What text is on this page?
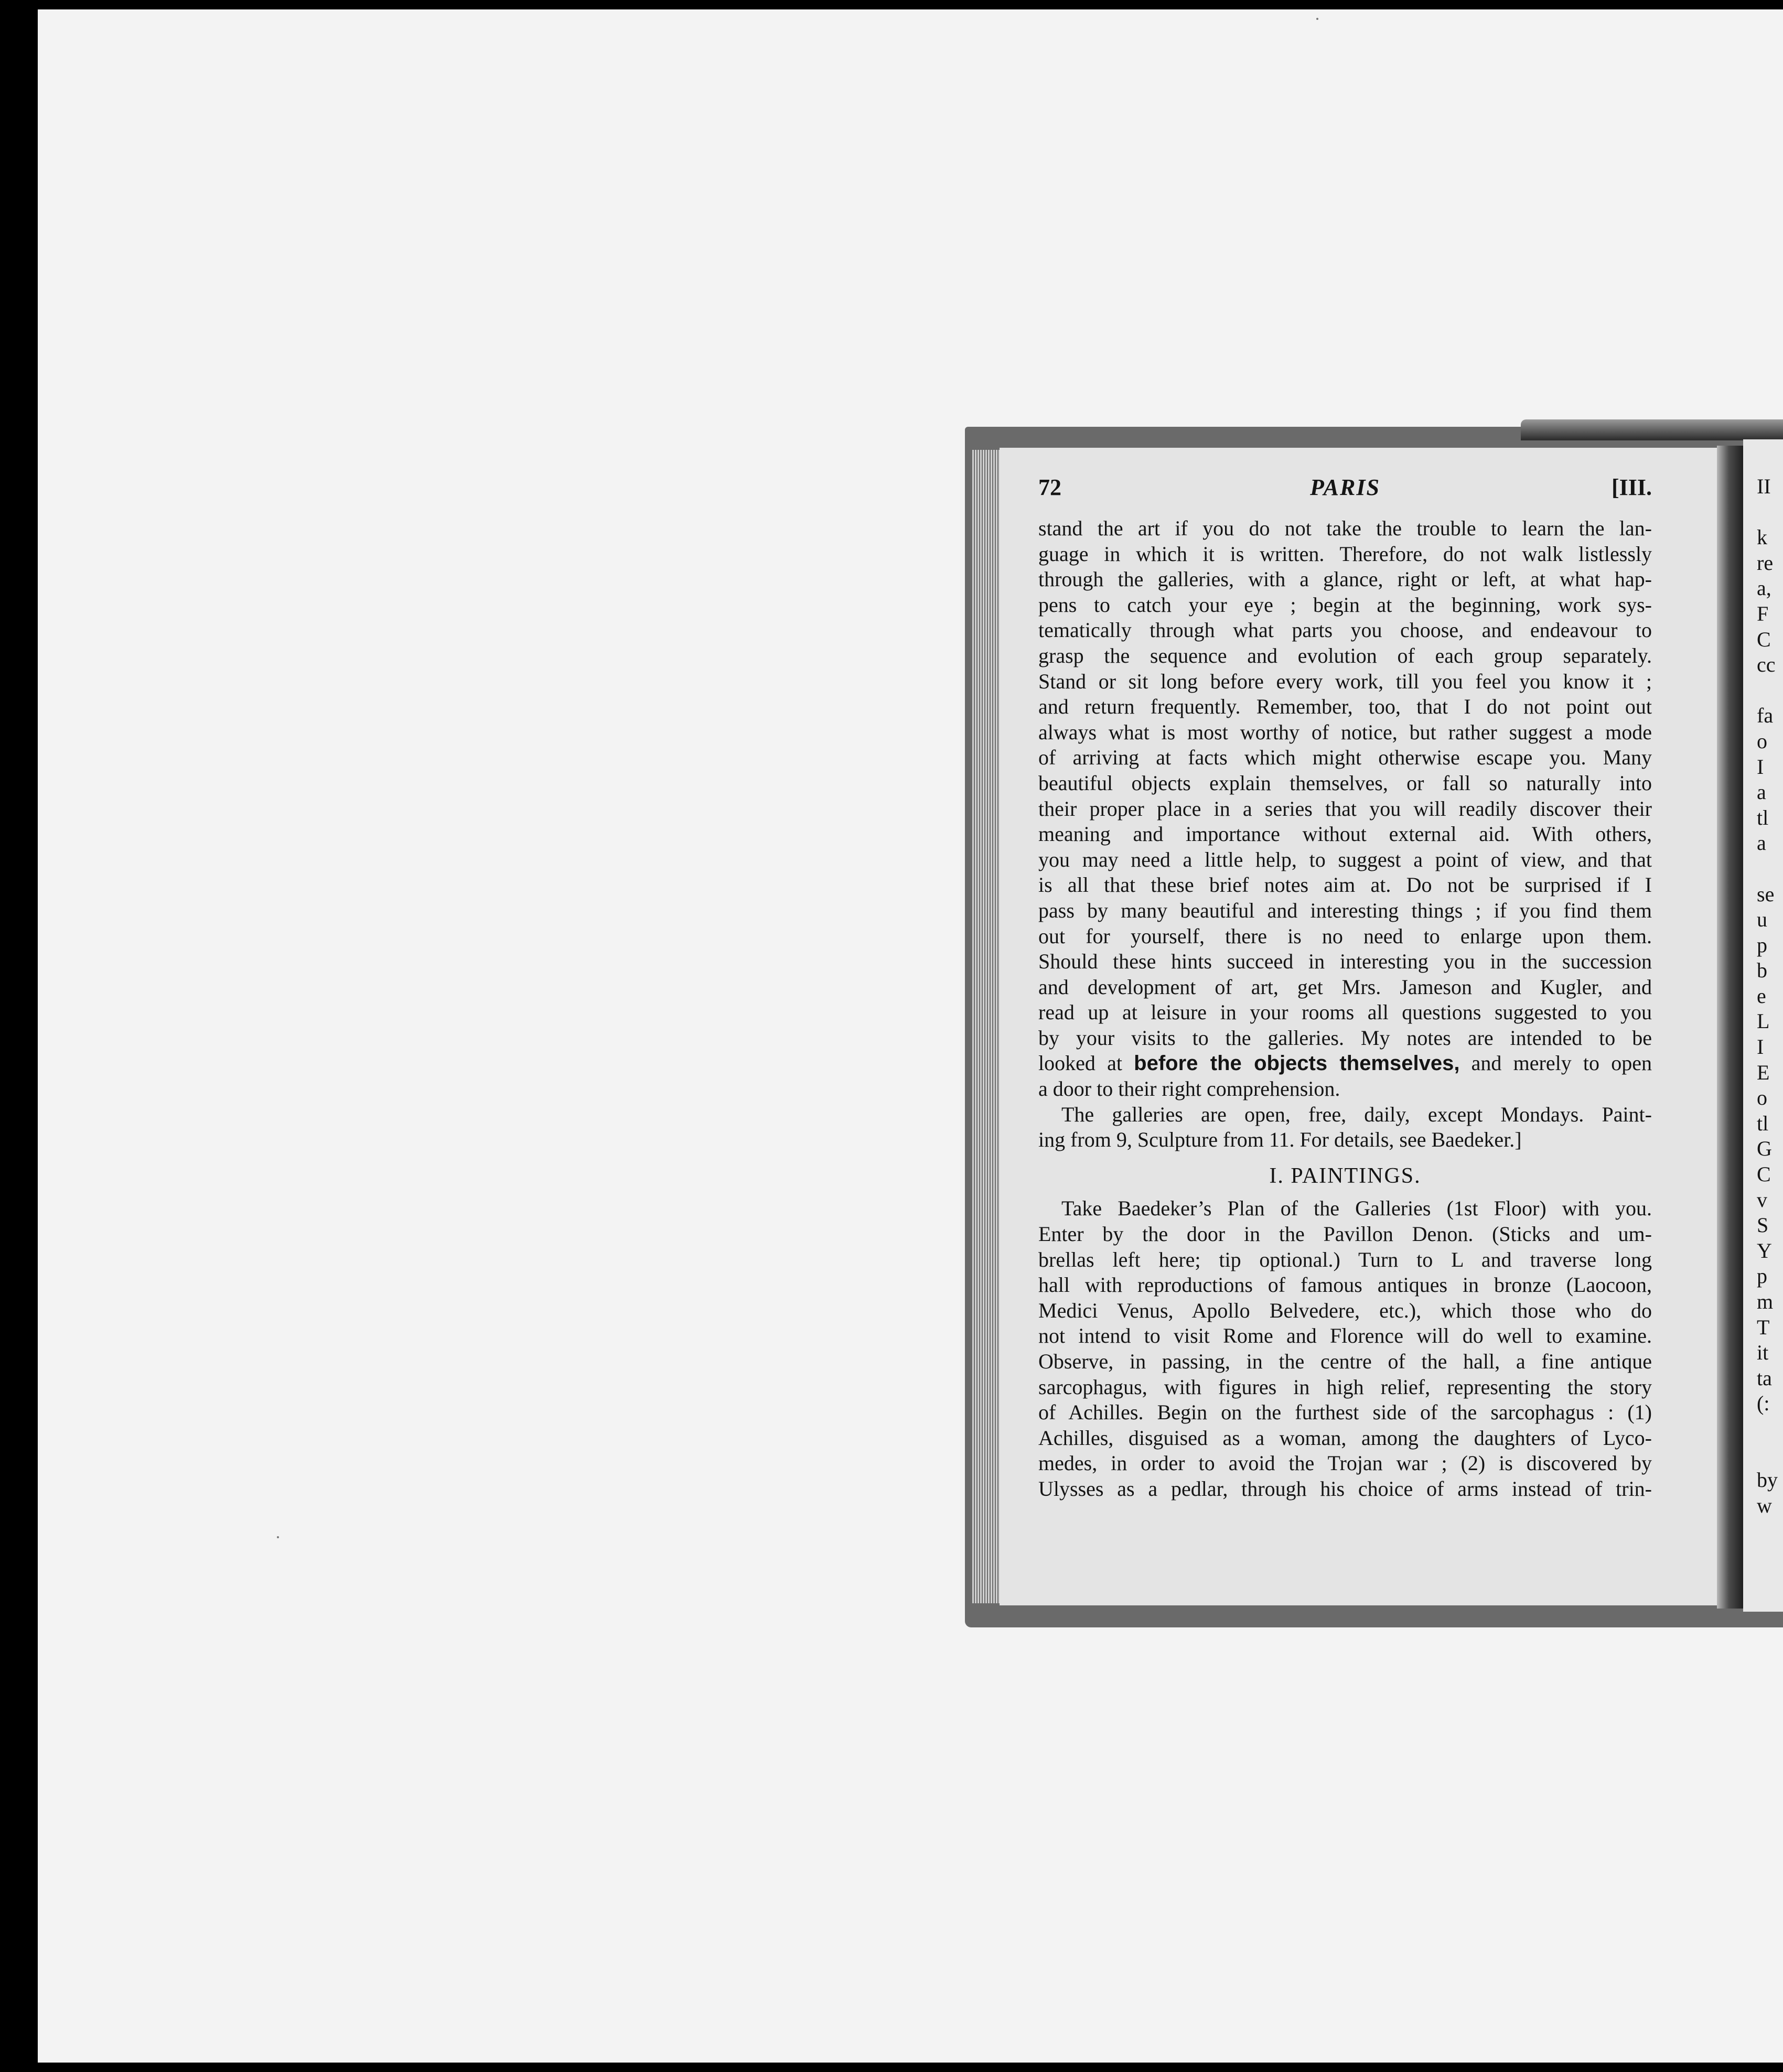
72	PARIS	[III.
stand the art if you do not take the trouble to learn the lan-
guage in which it is written. Therefore, do not walk listlessly
through the galleries, with a glance, right or left, at what hap-
pens to catch your eye ; begin at the beginning, work sys-
tematically through what parts you choose, and endeavour to
grasp the sequence and evolution of each group separately.
Stand or sit long before every work, till you feel you know it ;
and return frequently. Remember, too, that I do not point out
always what is most worthy of notice, but rather suggest a mode
of arriving at facts which might otherwise escape you. Many
beautiful objects explain themselves, or fall so naturally into
their proper place in a series that you will readily discover their
meaning and importance without external aid. With others,
you may need a little help, to suggest a point of view, and that
is all that these brief notes aim at. Do not be surprised if I
pass by many beautiful and interesting things ; if you find them
out for yourself, there is no need to enlarge upon them.
Should these hints succeed in interesting you in the succession
and development of art, get Mrs. Jameson and Kugler, and
read up at leisure in your rooms all questions suggested to you
by your visits to the galleries. My notes are intended to be
looked at before the objects themselves, and merely to open
a door to their right comprehension.
The galleries are open, free, daily, except Mondays. Paint-
ing from 9, Sculpture from 11. For details, see Baedeker.]
I. PAINTINGS.
Take Baedeker’s Plan of the Galleries (1st Floor) with you.
Enter by the door in the Pavillon Denon. (Sticks and um-
brellas left here; tip optional.) Turn to L and traverse long
hall with reproductions of famous antiques in bronze (Laocoon,
Medici Venus, Apollo Belvedere, etc.), which those who do
not intend to visit Rome and Florence will do well to examine.
Observe, in passing, in the centre of the hall, a fine antique
sarcophagus, with figures in high relief, representing the story
of Achilles. Begin on the furthest side of the sarcophagus : (1)
Achilles, disguised as a woman, among the daughters of Lyco-
medes, in order to avoid the Trojan war ; (2) is discovered by
Ulysses as a pedlar, through his choice of arms instead of trin-
II
k
re
a,
F
C
cc
fa
o
I
a
tl
a
se
u
p
b
e
L
I
E
o
tl
G
C
v
S
Y
p
m
T
it
ta
(:
by
w
